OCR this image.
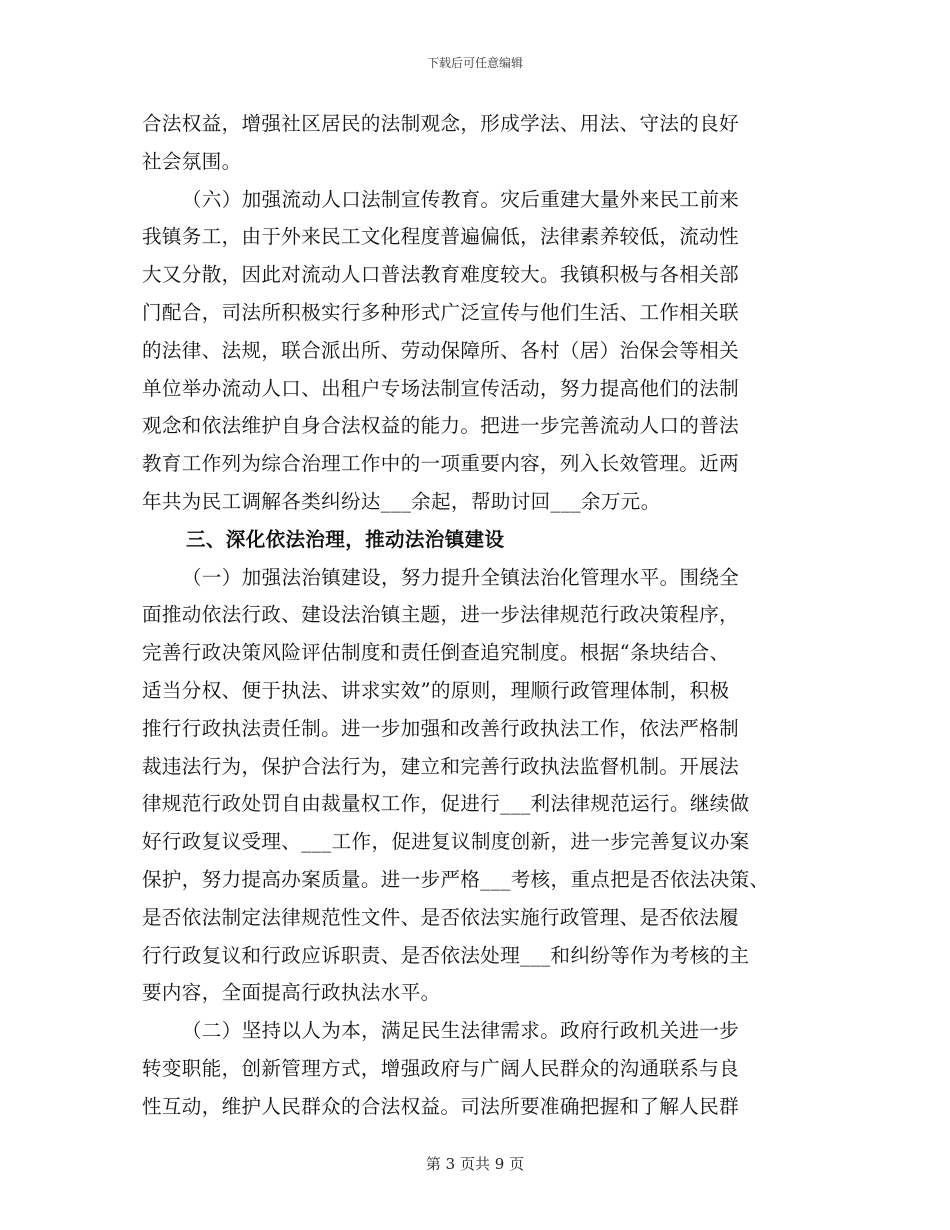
下载后可任意编辑
合法权益，增强社区居民的法制观念，形成学法、用法、守法的良好
社会氛围。
（六）加强流动人口法制宣传教育。灾后重建大量外来民工前来
我镇务工，由于外来民工文化程度普遍偏低，法律素养较低，流动性
大又分散，因此对流动人口普法教育难度较大。我镇积极与各相关部
门配合，司法所积极实行多种形式广泛宣传与他们生活、工作相关联
的法律、法规，联合派出所、劳动保障所、各村（居）治保会等相关
单位举办流动人口、出租户专场法制宣传活动，努力提高他们的法制
观念和依法维护自身合法权益的能力。把进一步完善流动人口的普法
教育工作列为综合治理工作中的一项重要内容，列入长效管理。近两
年共为民工调解各类纠纷达___余起，帮助讨回___余万元。
三、深化依法治理，推动法治镇建设
（一）加强法治镇建设，努力提升全镇法治化管理水平。围绕全
面推动依法行政、建设法治镇主题，进一步法律规范行政决策程序，
完善行政决策风险评估制度和责任倒查追究制度。根据“条块结合、
适当分权、便于执法、讲求实效”的原则，理顺行政管理体制，积极
推行行政执法责任制。进一步加强和改善行政执法工作，依法严格制
裁违法行为，保护合法行为，建立和完善行政执法监督机制。开展法
律规范行政处罚自由裁量权工作，促进行___利法律规范运行。继续做
好行政复议受理、___工作，促进复议制度创新，进一步完善复议办案
保护，努力提高办案质量。进一步严格___考核，重点把是否依法决策、
是否依法制定法律规范性文件、是否依法实施行政管理、是否依法履
行行政复议和行政应诉职责、是否依法处理___和纠纷等作为考核的主
要内容，全面提高行政执法水平。
（二）坚持以人为本，满足民生法律需求。政府行政机关进一步
转变职能，创新管理方式，增强政府与广阔人民群众的沟通联系与良
性互动，维护人民群众的合法权益。司法所要准确把握和了解人民群
第 3 页共 9 页
